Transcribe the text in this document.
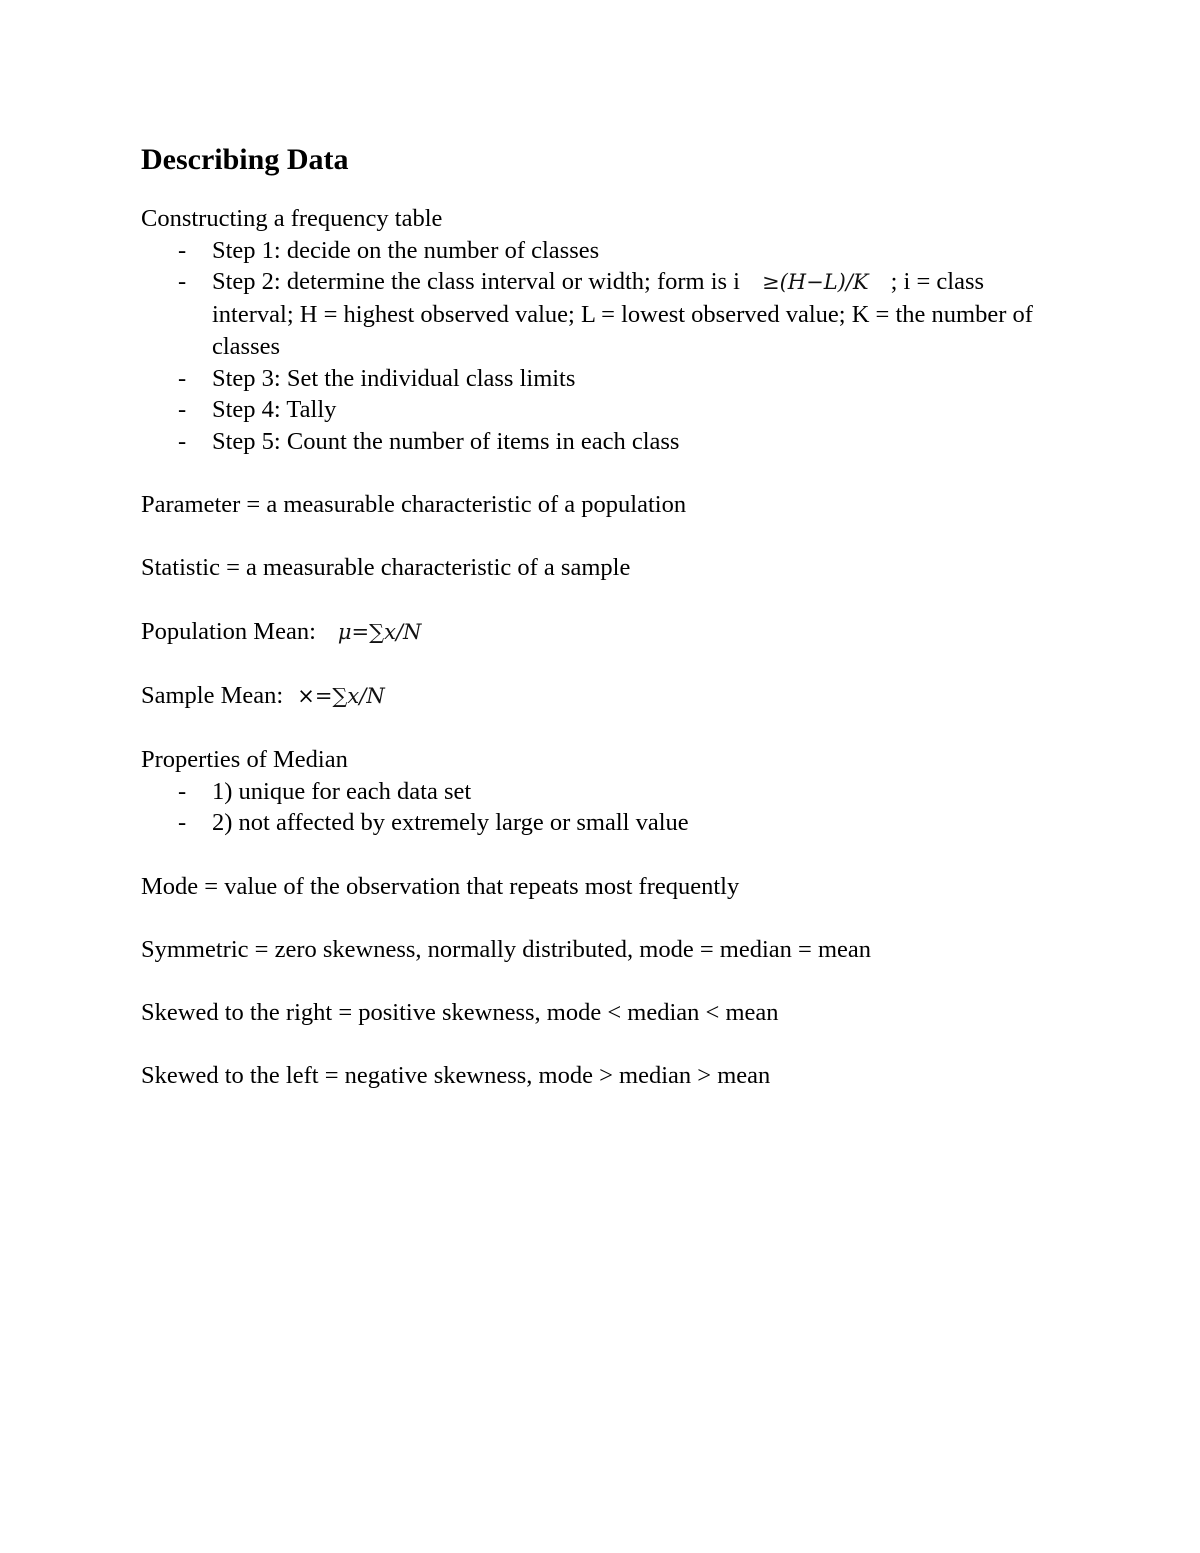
Describing Data

Constructing a frequency table

- Step 1: decide on the number of classes
- Step 2: determine the class interval or width; form is i ≥(H−L)/K ; i = class interval; H = highest observed value; L = lowest observed value; K = the number of classes
- Step 3: Set the individual class limits
- Step 4: Tally
- Step 5: Count the number of items in each class

Parameter = a measurable characteristic of a population

Statistic = a measurable characteristic of a sample

Population Mean: μ=∑x/N

Sample Mean: ×=∑x/N

Properties of Median

- 1) unique for each data set
- 2) not affected by extremely large or small value

Mode = value of the observation that repeats most frequently

Symmetric = zero skewness, normally distributed, mode = median = mean

Skewed to the right = positive skewness, mode < median < mean

Skewed to the left = negative skewness, mode > median > mean
